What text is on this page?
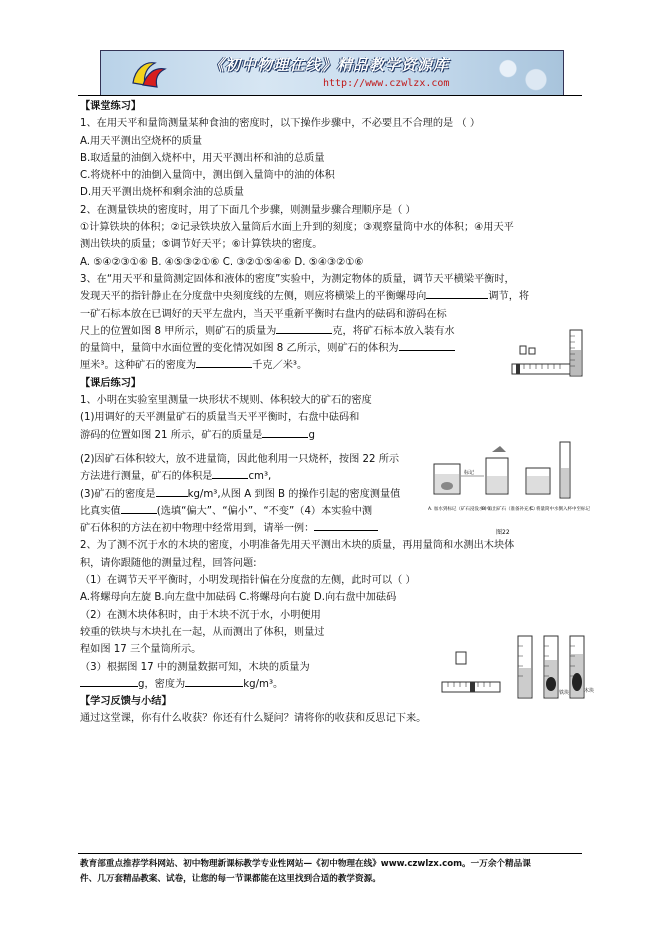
《初中物理在线》精品教学资源库
http://www.czwlzx.com
【课堂练习】
1、在用天平和量筒测量某种食油的密度时，以下操作步骤中，不必要且不合理的是 （ ）
A.用天平测出空烧杯的质量
B.取适量的油倒入烧杯中，用天平测出杯和油的总质量
C.将烧杯中的油倒入量筒中，测出倒入量筒中的油的体积
D.用天平测出烧杯和剩余油的总质量
2、在测量铁块的密度时，用了下面几个步骤，则测量步骤合理顺序是（ ）
①计算铁块的体积；②记录铁块放入量筒后水面上升到的刻度；③观察量筒中水的体积；④用天平
测出铁块的质量；⑤调节好天平；⑥计算铁块的密度。
A. ⑤④②③①⑥ B. ④⑤③②①⑥ C. ③②①⑤④⑥ D. ⑤④③②①⑥
3、在“用天平和量筒测定固体和液体的密度”实验中，为测定物体的质量，调节天平横梁平衡时，
发现天平的指针静止在分度盘中央刻度线的左侧，则应将横梁上的平衡螺母向	调节，将
一矿石标本放在已调好的天平左盘内，当天平重新平衡时右盘内的砝码和游码在标
尺上的位置如图 8 甲所示，则矿石的质量为	克，将矿石标本放入装有水
的量筒中，量筒中水面位置的变化情况如图 8 乙所示，则矿石的体积为
厘米³。这种矿石的密度为	千克／米³。
【课后练习】
1、小明在实验室里测量一块形状不规则、体积较大的矿石的密度
(1)用调好的天平测量矿石的质量当天平平衡时，右盘中砝码和
游码的位置如图 21 所示，矿石的质量是	g
(2)因矿石体积较大，放不进量筒，因此他利用一只烧杯，按图 22 所示
方法进行测量，矿石的体积是	cm³,
(3)矿石的密度是	kg/m³,从图 A 到图 B 的操作引起的密度测量值
比真实值	(选填“偏大”、“偏小”、“不变”（4）本实验中测
矿石体积的方法在初中物理中经常用到，请举一例：
2、为了测不沉于水的木块的密度，小明准备先用天平测出木块的质量，再用量筒和水测出木块体
积，请你跟随他的测量过程，回答问题:
（1）在调节天平平衡时，小明发现指针偏在分度盘的左侧，此时可以（ ）
A.将螺母向左旋 B.向左盘中加砝码 C.将螺母向右旋 D.向右盘中加砝码
（2）在测木块体积时，由于木块不沉于水，小明便用
较重的铁块与木块扎在一起，从而测出了体积，则量过
程如图 17 三个量筒所示。
（3）根据图 17 中的测量数据可知，木块的质量为
g，密度为	kg/m³。
【学习反馈与小结】
通过这堂课，你有什么收获？你还有什么疑问？请将你的收获和反思记下来。
标记
A. 加水到标记（矿石浸没水中）
B. 取出矿石（准备补充水）
C. 将量筒中水倒入杯中至标记
图22
铁块	木块
教育部重点推荐学科网站、初中物理新课标教学专业性网站—《初中物理在线》www.czwlzx.com。一万余个精品课
件、几万套精品教案、试卷，让您的每一节课都能在这里找到合适的教学资源。
